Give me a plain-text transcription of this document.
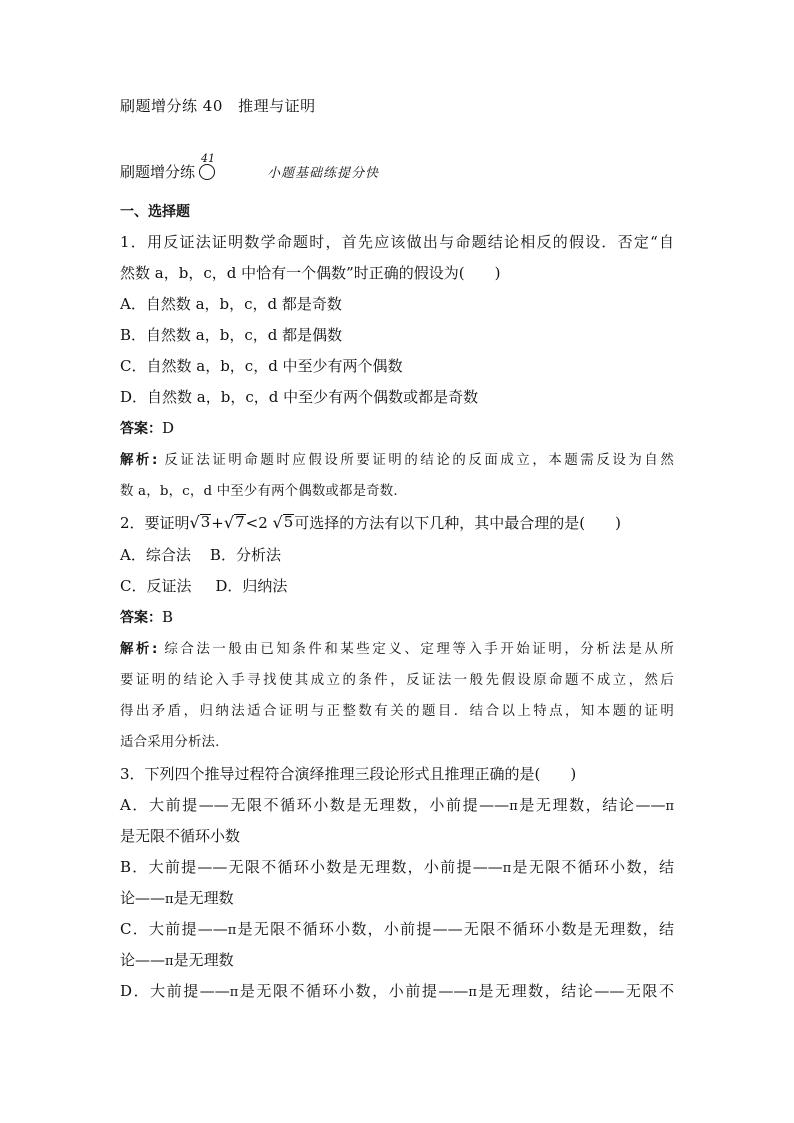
刷题增分练 40 推理与证明
刷题增分练
41
小题基础练提分快
一、选择题
1．用反证法证明数学命题时，首先应该做出与命题结论相反的假设．否定“自
然数 a，b，c，d 中恰有一个偶数”时正确的假设为( )
A．自然数 a，b，c，d 都是奇数
B．自然数 a，b，c，d 都是偶数
C．自然数 a，b，c，d 中至少有两个偶数
D．自然数 a，b，c，d 中至少有两个偶数或都是奇数
答案：D
解析: 反证法证明命题时应假设所要证明的结论的反面成立，本题需反设为自然
数 a，b，c，d 中至少有两个偶数或都是奇数.
2．要证明 √ 3 + √ 7 <2 √ 5 可选择的方法有以下几种，其中最合理的是( )
A．综合法 B．分析法
C．反证法 D．归纳法
答案：B
解析: 综合法一般由已知条件和某些定义、定理等入手开始证明，分析法是从所
要证明的结论入手寻找使其成立的条件，反证法一般先假设原命题不成立，然后
得出矛盾，归纳法适合证明与正整数有关的题目．结合以上特点，知本题的证明
适合采用分析法.
3．下列四个推导过程符合演绎推理三段论形式且推理正确的是( )
A．大前提——无限不循环小数是无理数，小前提——π是无理数，结论——π
是无限不循环小数
B．大前提——无限不循环小数是无理数，小前提——π是无限不循环小数，结
论——π是无理数
C．大前提——π是无限不循环小数，小前提——无限不循环小数是无理数，结
论——π是无理数
D．大前提——π是无限不循环小数，小前提——π是无理数，结论——无限不
